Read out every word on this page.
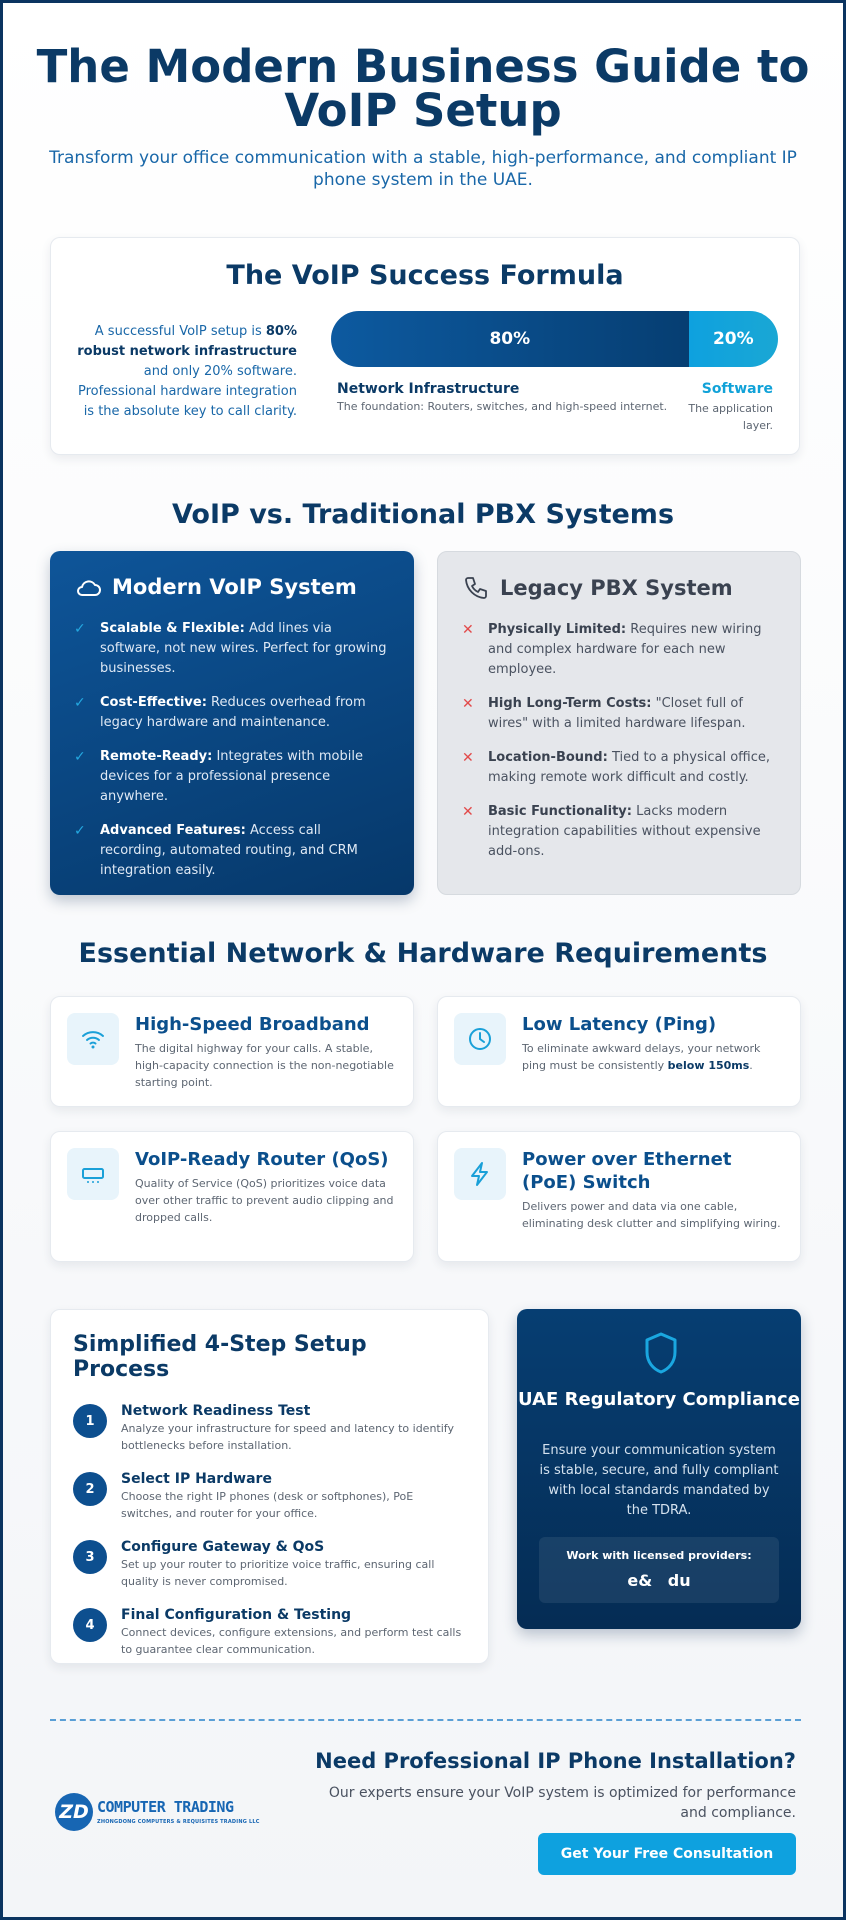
The Modern Business Guide to VoIP Setup

Transform your office communication with a stable, high-performance, and compliant IP phone system in the UAE.

The VoIP Success Formula
A successful VoIP setup is 80% robust network infrastructure and only 20% software. Professional hardware integration is the absolute key to call clarity.
80%	20%
Network Infrastructure
The foundation: Routers, switches, and high-speed internet.
Software
The application layer.
VoIP vs. Traditional PBX Systems
Modern VoIP System
✓ Scalable & Flexible: Add lines via software, not new wires. Perfect for growing businesses.
✓ Cost-Effective: Reduces overhead from legacy hardware and maintenance.
✓ Remote-Ready: Integrates with mobile devices for a professional presence anywhere.
✓ Advanced Features: Access call recording, automated routing, and CRM integration easily.
Legacy PBX System
✕ Physically Limited: Requires new wiring and complex hardware for each new employee.
✕ High Long-Term Costs: "Closet full of wires" with a limited hardware lifespan.
✕ Location-Bound: Tied to a physical office, making remote work difficult and costly.
✕ Basic Functionality: Lacks modern integration capabilities without expensive add-ons.
Essential Network & Hardware Requirements
High-Speed Broadband
The digital highway for your calls. A stable, high-capacity connection is the non-negotiable starting point.
Low Latency (Ping)
To eliminate awkward delays, your network ping must be consistently below 150ms.
VoIP-Ready Router (QoS)
Quality of Service (QoS) prioritizes voice data over other traffic to prevent audio clipping and dropped calls.
Power over Ethernet (PoE) Switch
Delivers power and data via one cable, eliminating desk clutter and simplifying wiring.
Simplified 4-Step Setup Process
1
Network Readiness Test
Analyze your infrastructure for speed and latency to identify bottlenecks before installation.
2
Select IP Hardware
Choose the right IP phones (desk or softphones), PoE switches, and router for your office.
3
Configure Gateway & QoS
Set up your router to prioritize voice traffic, ensuring call quality is never compromised.
4
Final Configuration & Testing
Connect devices, configure extensions, and perform test calls to guarantee clear communication.
UAE Regulatory Compliance
Ensure your communication system is stable, secure, and fully compliant with local standards mandated by the TDRA.
Work with licensed providers:
e& du
ZD COMPUTER TRADING
ZHONGDONG COMPUTERS & REQUISITES TRADING LLC
Need Professional IP Phone Installation?
Our experts ensure your VoIP system is optimized for performance and compliance.
Get Your Free Consultation
